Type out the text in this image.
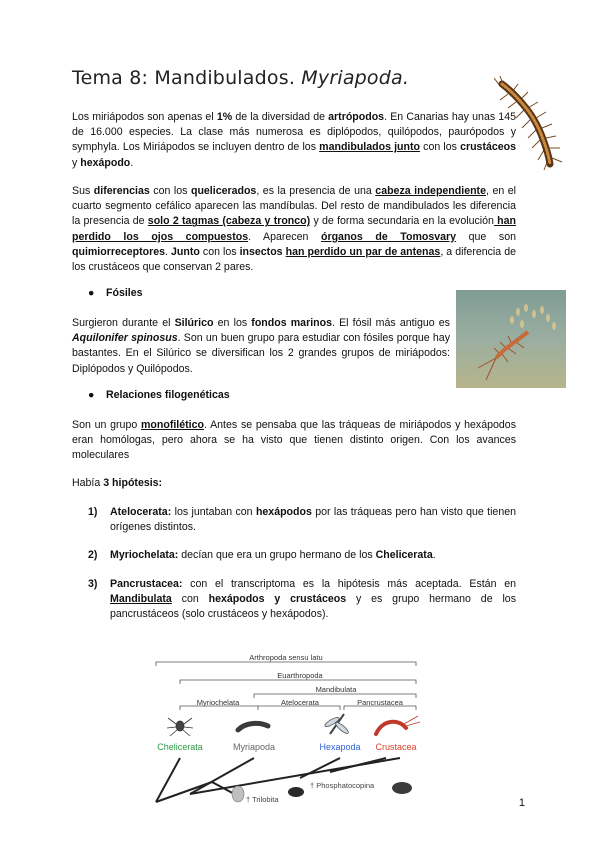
Tema 8: Mandibulados. Myriapoda.
Los miriápodos son apenas el 1% de la diversidad de artrópodos. En Canarias hay unas 145 de 16.000 especies. La clase más numerosa es diplópodos, quilópodos, paurópodos y symphyla. Los Miriápodos se incluyen dentro de los mandibulados junto con los crustáceos y hexápodo.
Sus diferencias con los quelicerados, es la presencia de una cabeza independiente, en el cuarto segmento cefálico aparecen las mandíbulas. Del resto de mandibulados les diferencia la presencia de solo 2 tagmas (cabeza y tronco) y de forma secundaria en la evolución han perdido los ojos compuestos. Aparecen órganos de Tomosvary que son quimiorreceptores. Junto con los insectos han perdido un par de antenas, a diferencia de los crustáceos que conservan 2 pares.
● Fósiles
Surgieron durante el Silúrico en los fondos marinos. El fósil más antiguo es Aquilonifer spinosus. Son un buen grupo para estudiar con fósiles porque hay bastantes. En el Silúrico se diversifican los 2 grandes grupos de miriápodos: Diplópodos y Quilópodos.
● Relaciones filogenéticas
Son un grupo monofilético. Antes se pensaba que las tráqueas de miriápodos y hexápodos eran homólogas, pero ahora se ha visto que tienen distinto origen. Con los avances moleculares
Había 3 hipótesis:
1) Atelocerata: los juntaban con hexápodos por las tráqueas pero han visto que tienen orígenes distintos.
2) Myriochelata: decían que era un grupo hermano de los Chelicerata.
3) Pancrustacea: con el transcriptoma es la hipótesis más aceptada. Están en Mandibulata con hexápodos y crustáceos y es grupo hermano de los pancrustáceos (solo crustáceos y hexápodos).
Arthropoda sensu latu
Euarthropoda
Mandibulata
Myriochelata	Atelocerata	Pancrustacea
Chelicerata	Myriapoda	Hexapoda Crustacea
† Trilobita
† Phosphatocopina
1
